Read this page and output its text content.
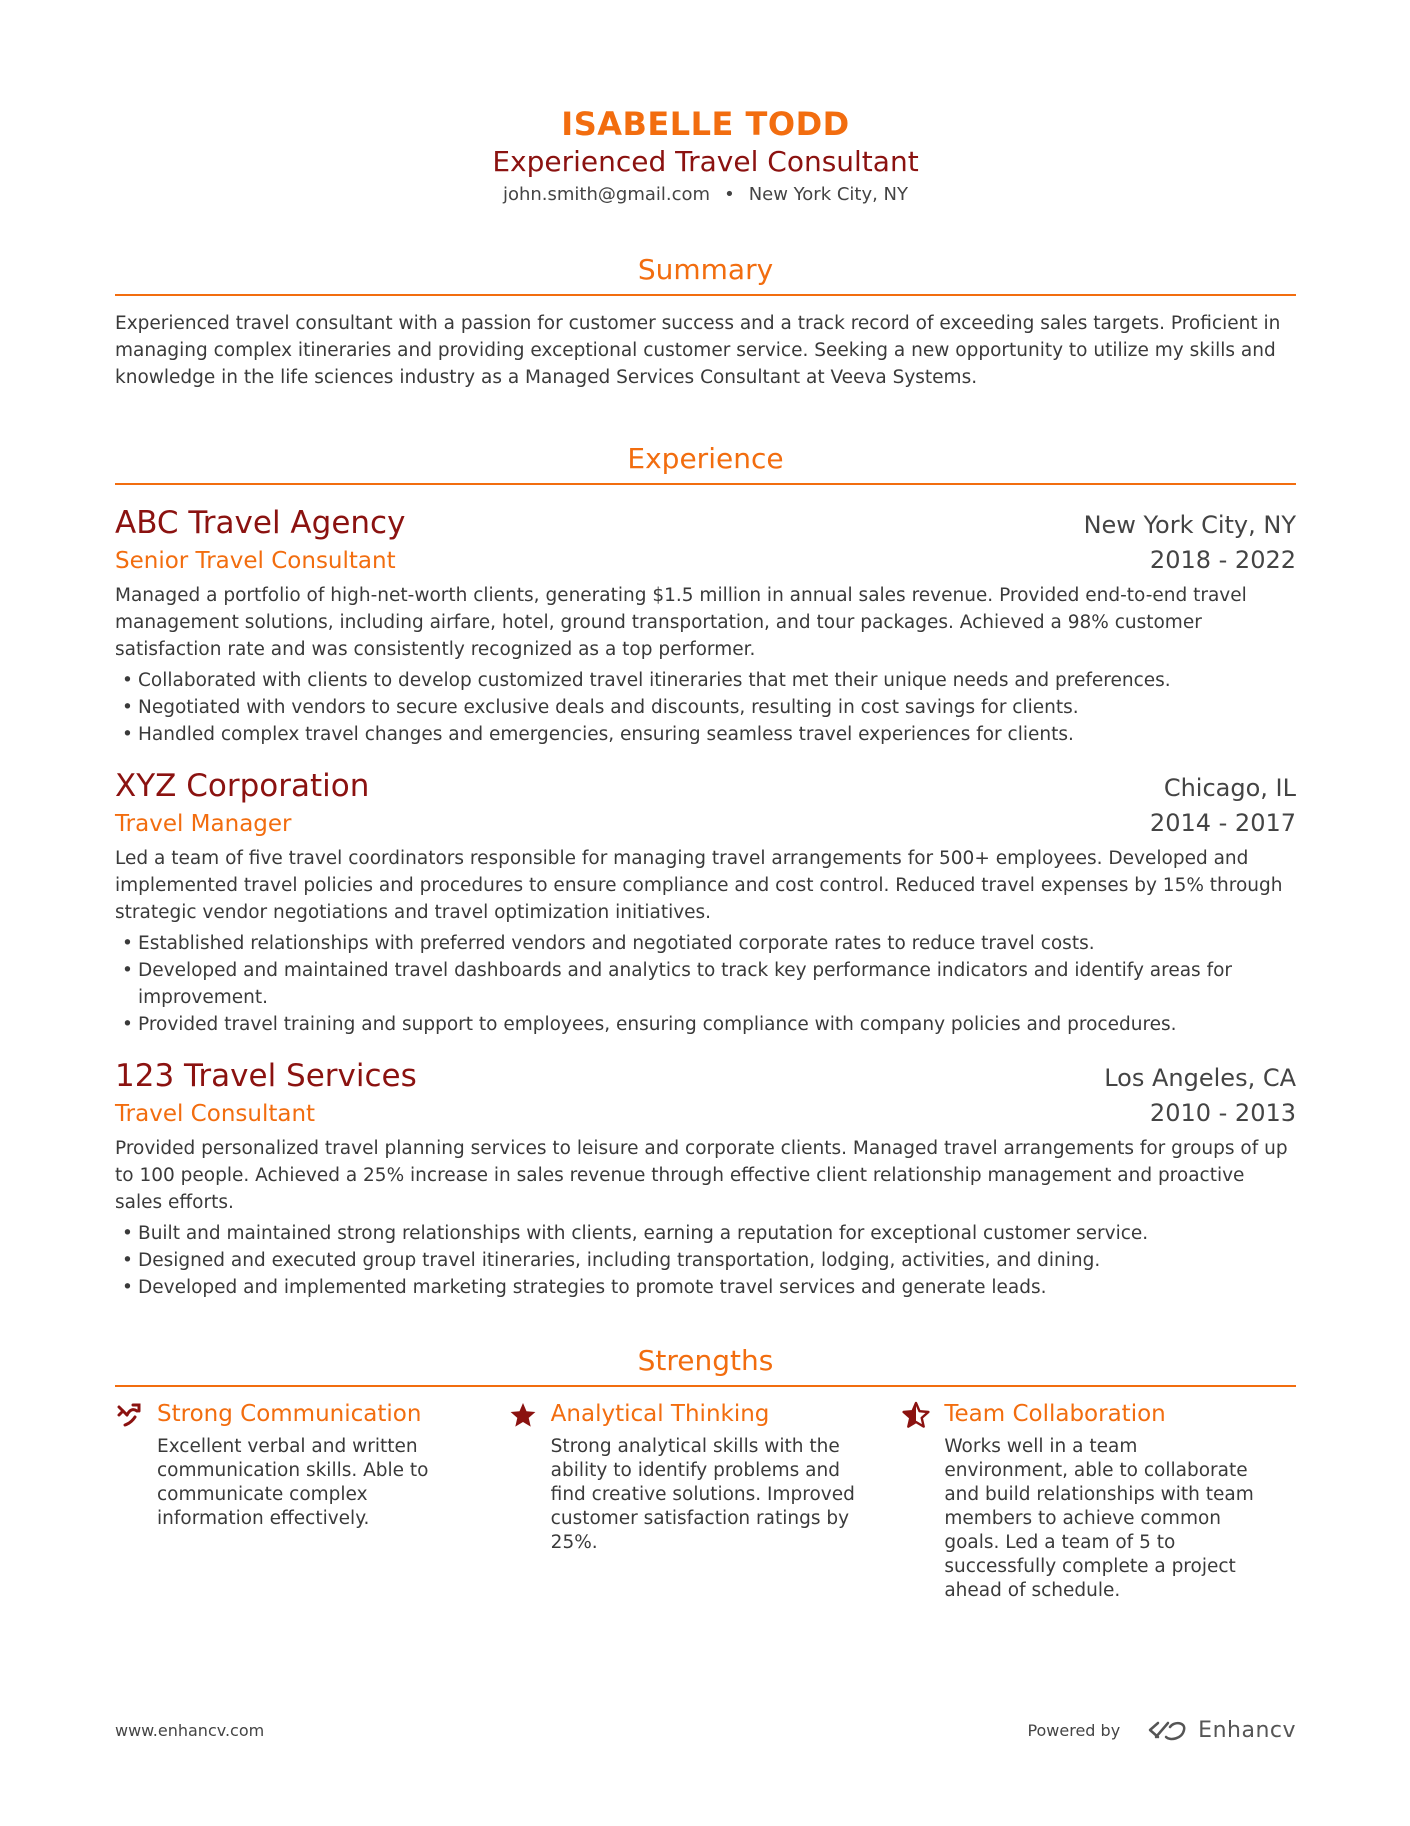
ISABELLE TODD
Experienced Travel Consultant
john.smith@gmail.com • New York City, NY
Summary
Experienced travel consultant with a passion for customer success and a track record of exceeding sales targets. Proficient in managing complex itineraries and providing exceptional customer service. Seeking a new opportunity to utilize my skills and knowledge in the life sciences industry as a Managed Services Consultant at Veeva Systems.
Experience
ABC Travel Agency	New York City, NY
Senior Travel Consultant	2018 - 2022
Managed a portfolio of high-net-worth clients, generating $1.5 million in annual sales revenue. Provided end-to-end travel management solutions, including airfare, hotel, ground transportation, and tour packages. Achieved a 98% customer satisfaction rate and was consistently recognized as a top performer.
• Collaborated with clients to develop customized travel itineraries that met their unique needs and preferences.
• Negotiated with vendors to secure exclusive deals and discounts, resulting in cost savings for clients.
• Handled complex travel changes and emergencies, ensuring seamless travel experiences for clients.
XYZ Corporation	Chicago, IL
Travel Manager	2014 - 2017
Led a team of five travel coordinators responsible for managing travel arrangements for 500+ employees. Developed and implemented travel policies and procedures to ensure compliance and cost control. Reduced travel expenses by 15% through strategic vendor negotiations and travel optimization initiatives.
• Established relationships with preferred vendors and negotiated corporate rates to reduce travel costs.
• Developed and maintained travel dashboards and analytics to track key performance indicators and identify areas for improvement.
• Provided travel training and support to employees, ensuring compliance with company policies and procedures.
123 Travel Services	Los Angeles, CA
Travel Consultant	2010 - 2013
Provided personalized travel planning services to leisure and corporate clients. Managed travel arrangements for groups of up to 100 people. Achieved a 25% increase in sales revenue through effective client relationship management and proactive sales efforts.
• Built and maintained strong relationships with clients, earning a reputation for exceptional customer service.
• Designed and executed group travel itineraries, including transportation, lodging, activities, and dining.
• Developed and implemented marketing strategies to promote travel services and generate leads.
Strengths
Strong Communication
Excellent verbal and written communication skills. Able to communicate complex information effectively.
Analytical Thinking
Strong analytical skills with the ability to identify problems and find creative solutions. Improved customer satisfaction ratings by 25%.
Team Collaboration
Works well in a team environment, able to collaborate and build relationships with team members to achieve common goals. Led a team of 5 to successfully complete a project ahead of schedule.
www.enhancv.com	Powered by	Enhancv
